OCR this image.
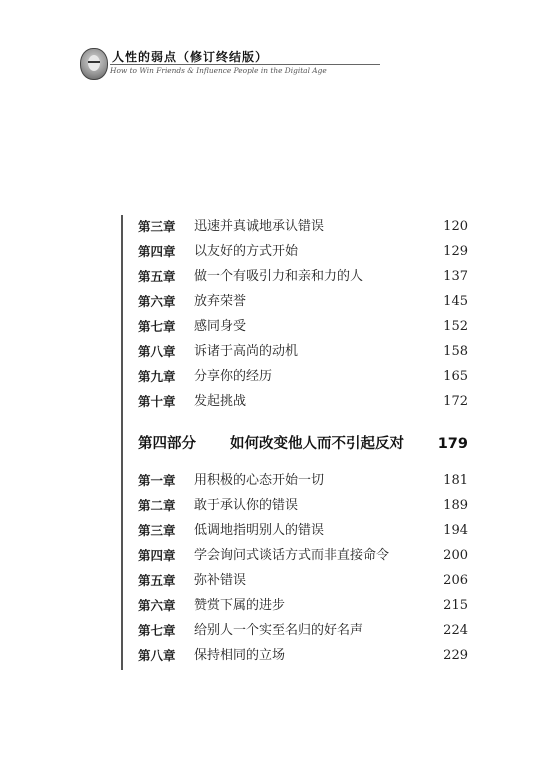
人性的弱点（修订终结版）
How to Win Friends & Influence People in the Digital Age
第三章 迅速并真诚地承认错误	120
第四章 以友好的方式开始	129
第五章 做一个有吸引力和亲和力的人	137
第六章 放弃荣誉	145
第七章 感同身受	152
第八章 诉诸于高尚的动机	158
第九章 分享你的经历	165
第十章 发起挑战	172
第四部分 如何改变他人而不引起反对 179
第一章 用积极的心态开始一切	181
第二章 敢于承认你的错误	189
第三章 低调地指明别人的错误	194
第四章 学会询问式谈话方式而非直接命令	200
第五章 弥补错误	206
第六章 赞赏下属的进步	215
第七章 给别人一个实至名归的好名声	224
第八章 保持相同的立场	229
